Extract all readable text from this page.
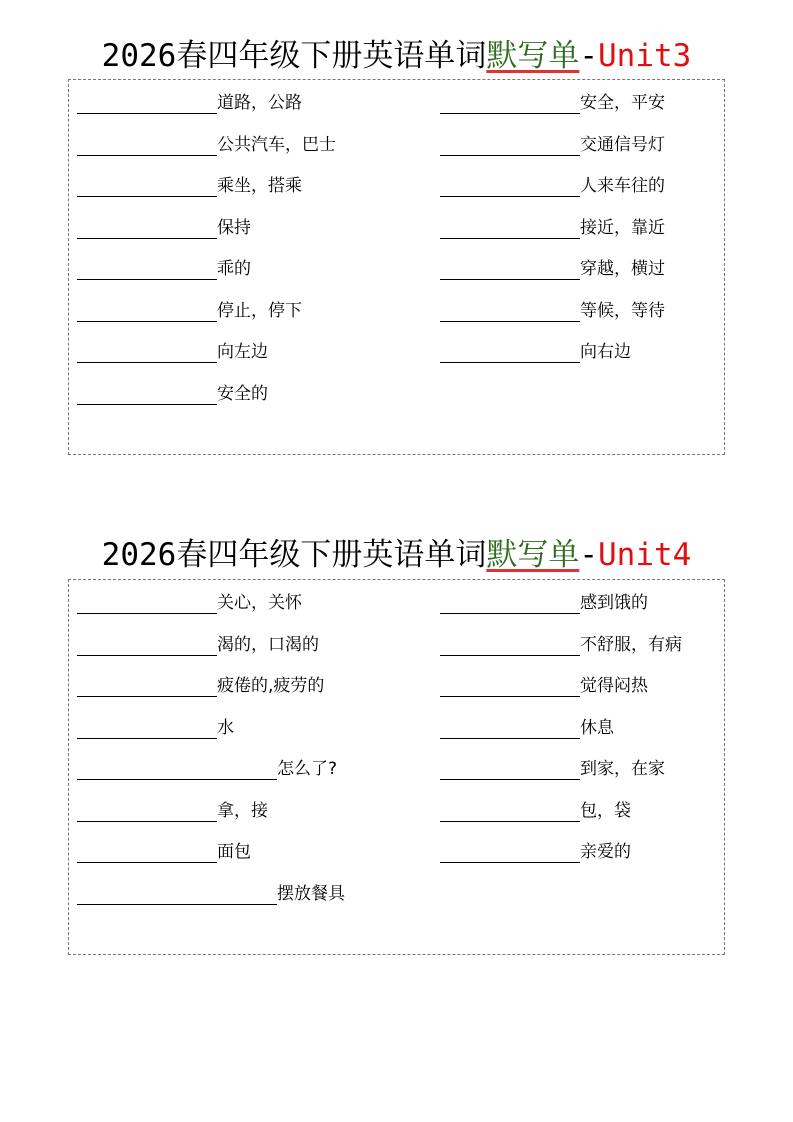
2026春四年级下册英语单词默写单-Unit3
道路，公路
公共汽车，巴士
乘坐，搭乘
保持
乖的
停止，停下
向左边
安全的
安全，平安
交通信号灯
人来车往的
接近，靠近
穿越，横过
等候，等待
向右边
2026春四年级下册英语单词默写单-Unit4
关心，关怀
渴的，口渴的
疲倦的,疲劳的
水
怎么了?
拿，接
面包
摆放餐具
感到饿的
不舒服，有病
觉得闷热
休息
到家，在家
包，袋
亲爱的
